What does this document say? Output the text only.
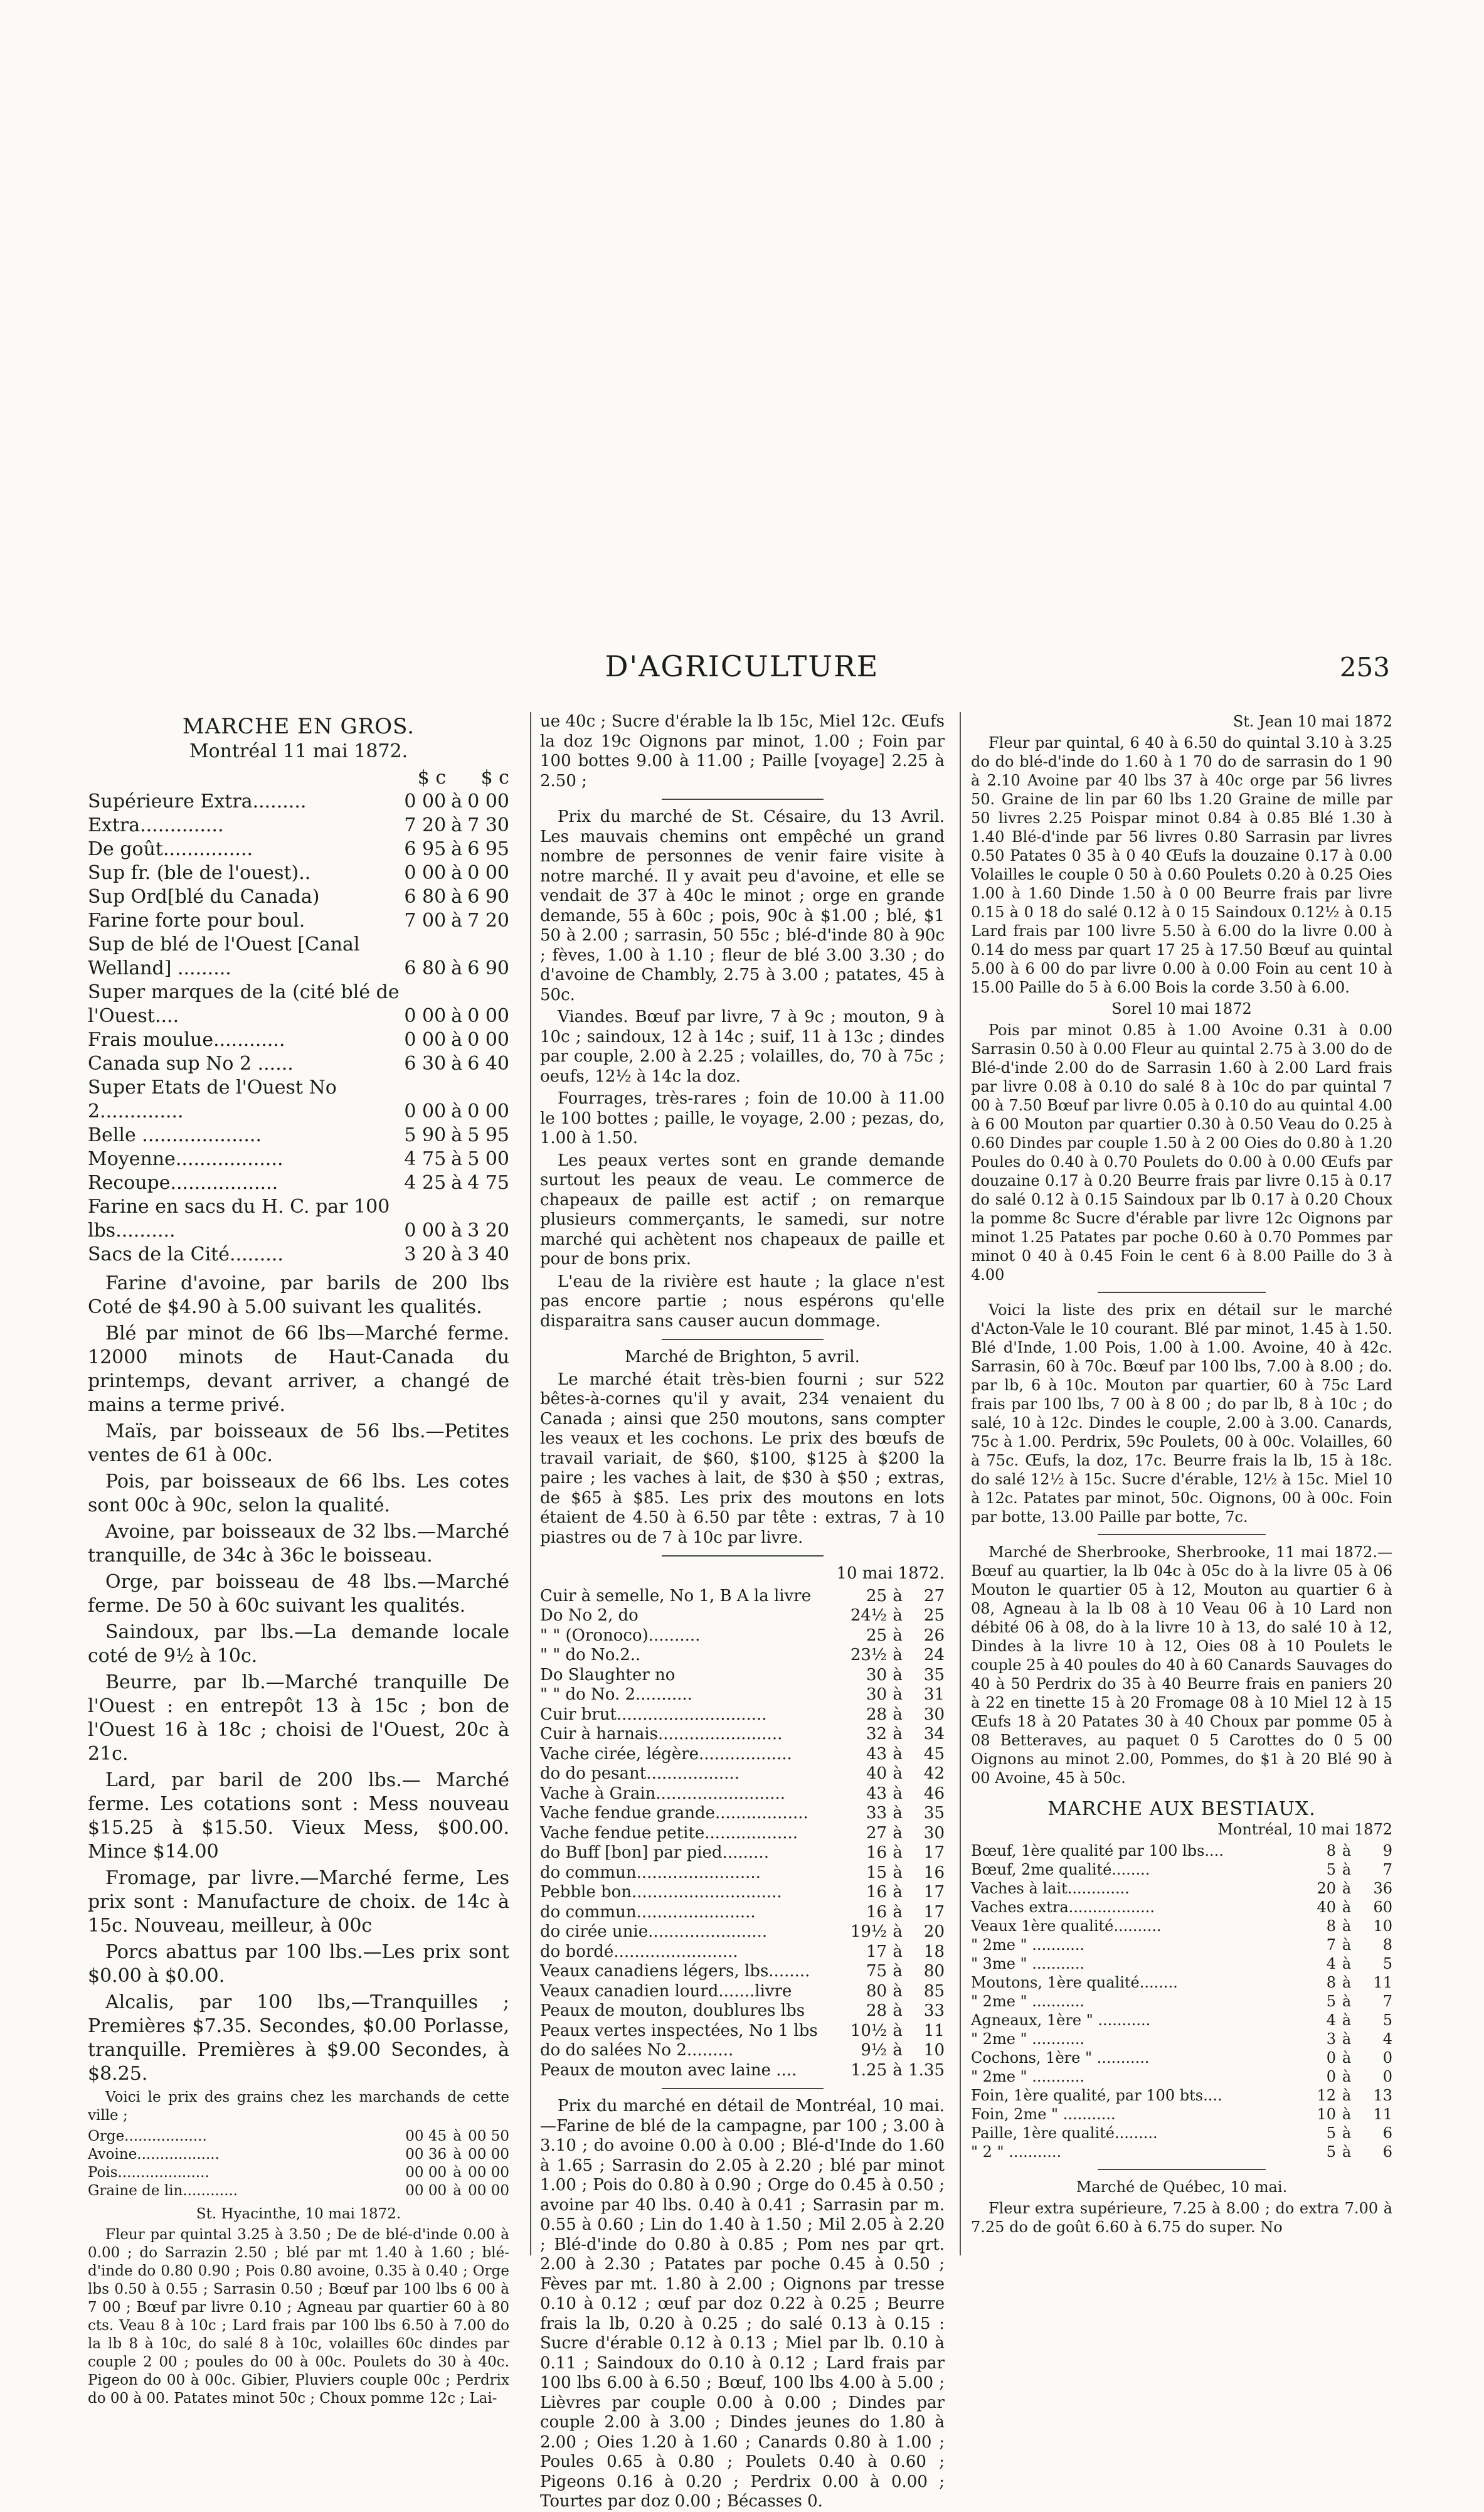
D'AGRICULTURE	253
MARCHE EN GROS.
Montréal 11 mai 1872.
	$ c		$ c
Supérieure Extra.........	0 00	à	0 00
Extra..............	7 20	à	7 30
De goût...............	6 95	à	6 95
Sup fr. (ble de l'ouest)..	0 00	à	0 00
Sup Ord[blé du Canada)	6 80	à	6 90
Farine forte pour boul.	7 00	à	7 20
Sup de blé de l'Ouest [Canal Welland] .........	6 80	à	6 90
Super marques de la (cité blé de l'Ouest....	0 00	à	0 00
Frais moulue............	0 00	à	0 00
Canada sup No 2 ......	6 30	à	6 40
Super Etats de l'Ouest No 2..............	0 00	à	0 00
Belle ....................	5 90	à	5 95
Moyenne..................	4 75	à	5 00
Recoupe..................	4 25	à	4 75
Farine en sacs du H. C. par 100 lbs..........	0 00	à	3 20
Sacs de la Cité.........	3 20	à	3 40
Farine d'avoine, par barils de 200 lbs Coté de $4.90 à 5.00 suivant les qualités.
Blé par minot de 66 lbs—Marché ferme. 12000 minots de Haut-Canada du printemps, devant arriver, a changé de mains a terme privé.
Maïs, par boisseaux de 56 lbs.—Petites ventes de 61 à 00c.
Pois, par boisseaux de 66 lbs. Les cotes sont 00c à 90c, selon la qualité.
Avoine, par boisseaux de 32 lbs.—Marché tranquille, de 34c à 36c le boisseau.
Orge, par boisseau de 48 lbs.—Marché ferme. De 50 à 60c suivant les qualités.
Saindoux, par lbs.—La demande locale coté de 9½ à 10c.
Beurre, par lb.—Marché tranquille De l'Ouest : en entrepôt 13 à 15c ; bon de l'Ouest 16 à 18c ; choisi de l'Ouest, 20c à 21c.
Lard, par baril de 200 lbs.— Marché ferme. Les cotations sont : Mess nouveau $15.25 à $15.50. Vieux Mess, $00.00. Mince $14.00
Fromage, par livre.—Marché ferme, Les prix sont : Manufacture de choix. de 14c à 15c. Nouveau, meilleur, à 00c
Porcs abattus par 100 lbs.—Les prix sont $0.00 à $0.00.
Alcalis, par 100 lbs,—Tranquilles ; Premières $7.35. Secondes, $0.00 Porlasse, tranquille. Premières à $9.00 Secondes, à $8.25.
Voici le prix des grains chez les marchands de cette ville ;
Orge..................	00 45	à	00 50
Avoine..................	00 36	à	00 00
Pois....................	00 00	à	00 00
Graine de lin............	00 00	à	00 00
St. Hyacinthe, 10 mai 1872.
Fleur par quintal 3.25 à 3.50 ; De de blé-d'inde 0.00 à 0.00 ; do Sarrazin 2.50 ; blé par mt 1.40 à 1.60 ; blé-d'inde do 0.80 0.90 ; Pois 0.80 avoine, 0.35 à 0.40 ; Orge lbs 0.50 à 0.55 ; Sarrasin 0.50 ; Bœuf par 100 lbs 6 00 à 7 00 ; Bœuf par livre 0.10 ; Agneau par quartier 60 à 80 cts. Veau 8 à 10c ; Lard frais par 100 lbs 6.50 à 7.00 do la lb 8 à 10c, do salé 8 à 10c, volailles 60c dindes par couple 2 00 ; poules do 00 à 00c. Poulets do 30 à 40c. Pigeon do 00 à 00c. Gibier, Pluviers couple 00c ; Perdrix do 00 à 00. Patates minot 50c ; Choux pomme 12c ; Lai-
ue 40c ; Sucre d'érable la lb 15c, Miel 12c. Œufs la doz 19c Oignons par minot, 1.00 ; Foin par 100 bottes 9.00 à 11.00 ; Paille [voyage] 2.25 à 2.50 ;
Prix du marché de St. Césaire, du 13 Avril. Les mauvais chemins ont empêché un grand nombre de personnes de venir faire visite à notre marché. Il y avait peu d'avoine, et elle se vendait de 37 à 40c le minot ; orge en grande demande, 55 à 60c ; pois, 90c à $1.00 ; blé, $1 50 à 2.00 ; sarrasin, 50 55c ; blé-d'inde 80 à 90c ; fèves, 1.00 à 1.10 ; fleur de blé 3.00 3.30 ; do d'avoine de Chambly, 2.75 à 3.00 ; patates, 45 à 50c.
Viandes. Bœuf par livre, 7 à 9c ; mouton, 9 à 10c ; saindoux, 12 à 14c ; suif, 11 à 13c ; dindes par couple, 2.00 à 2.25 ; volailles, do, 70 à 75c ; oeufs, 12½ à 14c la doz.
Fourrages, très-rares ; foin de 10.00 à 11.00 le 100 bottes ; paille, le voyage, 2.00 ; pezas, do, 1.00 à 1.50.
Les peaux vertes sont en grande demande surtout les peaux de veau. Le commerce de chapeaux de paille est actif ; on remarque plusieurs commerçants, le samedi, sur notre marché qui achètent nos chapeaux de paille et pour de bons prix.
L'eau de la rivière est haute ; la glace n'est pas encore partie ; nous espérons qu'elle disparaitra sans causer aucun dommage.
Marché de Brighton, 5 avril.
Le marché était très-bien fourni ; sur 522 bêtes-à-cornes qu'il y avait, 234 venaient du Canada ; ainsi que 250 moutons, sans compter les veaux et les cochons. Le prix des bœufs de travail variait, de $60, $100, $125 à $200 la paire ; les vaches à lait, de $30 à $50 ; extras, de $65 à $85. Les prix des moutons en lots étaient de 4.50 à 6.50 par tête : extras, 7 à 10 piastres ou de 7 à 10c par livre.
10 mai 1872.
Cuir à semelle, No 1, B A la livre	25	à	27
Do No 2, do	24½	à	25
" " (Oronoco)..........	25	à	26
" " do No.2..	23½	à	24
Do Slaughter no	30	à	35
" " do No. 2...........	30	à	31
Cuir brut.............................	28	à	30
Cuir à harnais........................	32	à	34
Vache cirée, légère..................	43	à	45
do do pesant..................	40	à	42
Vache à Grain.........................	43	à	46
Vache fendue grande..................	33	à	35
Vache fendue petite..................	27	à	30
do Buff [bon] par pied.........	16	à	17
do commun........................	15	à	16
Pebble bon.............................	16	à	17
do commun.......................	16	à	17
do cirée unie.......................	19½	à	20
do bordé........................	17	à	18
Veaux canadiens légers, lbs........	75	à	80
Veaux canadien lourd.......livre	80	à	85
Peaux de mouton, doublures lbs	28	à	33
Peaux vertes inspectées, No 1 lbs	10½	à	11
do do salées No 2.........	9½	à	10
Peaux de mouton avec laine ....	1.25	à	1.35
Prix du marché en détail de Montréal, 10 mai.—Farine de blé de la campagne, par 100 ; 3.00 à 3.10 ; do avoine 0.00 à 0.00 ; Blé-d'Inde do 1.60 à 1.65 ; Sarrasin do 2.05 à 2.20 ; blé par minot 1.00 ; Pois do 0.80 à 0.90 ; Orge do 0.45 à 0.50 ; avoine par 40 lbs. 0.40 à 0.41 ; Sarrasin par m. 0.55 à 0.60 ; Lin do 1.40 à 1.50 ; Mil 2.05 à 2.20 ; Blé-d'inde do 0.80 à 0.85 ; Pom nes par qrt. 2.00 à 2.30 ; Patates par poche 0.45 à 0.50 ; Fèves par mt. 1.80 à 2.00 ; Oignons par tresse 0.10 à 0.12 ; œuf par doz 0.22 à 0.25 ; Beurre frais la lb, 0.20 à 0.25 ; do salé 0.13 à 0.15 : Sucre d'érable 0.12 à 0.13 ; Miel par lb. 0.10 à 0.11 ; Saindoux do 0.10 à 0.12 ; Lard frais par 100 lbs 6.00 à 6.50 ; Bœuf, 100 lbs 4.00 à 5.00 ; Lièvres par couple 0.00 à 0.00 ; Dindes par couple 2.00 à 3.00 ; Dindes jeunes do 1.80 à 2.00 ; Oies 1.20 à 1.60 ; Canards 0.80 à 1.00 ; Poules 0.65 à 0.80 ; Poulets 0.40 à 0.60 ; Pigeons 0.16 à 0.20 ; Perdrix 0.00 à 0.00 ; Tourtes par doz 0.00 ; Bécasses 0.
St. Jean 10 mai 1872
Fleur par quintal, 6 40 à 6.50 do quintal 3.10 à 3.25 do do blé-d'inde do 1.60 à 1 70 do de sarrasin do 1 90 à 2.10 Avoine par 40 lbs 37 à 40c orge par 56 livres 50. Graine de lin par 60 lbs 1.20 Graine de mille par 50 livres 2.25 Poispar minot 0.84 à 0.85 Blé 1.30 à 1.40 Blé-d'inde par 56 livres 0.80 Sarrasin par livres 0.50 Patates 0 35 à 0 40 Œufs la douzaine 0.17 à 0.00 Volailles le couple 0 50 à 0.60 Poulets 0.20 à 0.25 Oies 1.00 à 1.60 Dinde 1.50 à 0 00 Beurre frais par livre 0.15 à 0 18 do salé 0.12 à 0 15 Saindoux 0.12½ à 0.15 Lard frais par 100 livre 5.50 à 6.00 do la livre 0.00 à 0.14 do mess par quart 17 25 à 17.50 Bœuf au quintal 5.00 à 6 00 do par livre 0.00 à 0.00 Foin au cent 10 à 15.00 Paille do 5 à 6.00 Bois la corde 3.50 à 6.00.
Sorel 10 mai 1872
Pois par minot 0.85 à 1.00 Avoine 0.31 à 0.00 Sarrasin 0.50 à 0.00 Fleur au quintal 2.75 à 3.00 do de Blé-d'inde 2.00 do de Sarrasin 1.60 à 2.00 Lard frais par livre 0.08 à 0.10 do salé 8 à 10c do par quintal 7 00 à 7.50 Bœuf par livre 0.05 à 0.10 do au quintal 4.00 à 6 00 Mouton par quartier 0.30 à 0.50 Veau do 0.25 à 0.60 Dindes par couple 1.50 à 2 00 Oies do 0.80 à 1.20 Poules do 0.40 à 0.70 Poulets do 0.00 à 0.00 Œufs par douzaine 0.17 à 0.20 Beurre frais par livre 0.15 à 0.17 do salé 0.12 à 0.15 Saindoux par lb 0.17 à 0.20 Choux la pomme 8c Sucre d'érable par livre 12c Oignons par minot 1.25 Patates par poche 0.60 à 0.70 Pommes par minot 0 40 à 0.45 Foin le cent 6 à 8.00 Paille do 3 à 4.00
Voici la liste des prix en détail sur le marché d'Acton-Vale le 10 courant. Blé par minot, 1.45 à 1.50. Blé d'Inde, 1.00 Pois, 1.00 à 1.00. Avoine, 40 à 42c. Sarrasin, 60 à 70c. Bœuf par 100 lbs, 7.00 à 8.00 ; do. par lb, 6 à 10c. Mouton par quartier, 60 à 75c Lard frais par 100 lbs, 7 00 à 8 00 ; do par lb, 8 à 10c ; do salé, 10 à 12c. Dindes le couple, 2.00 à 3.00. Canards, 75c à 1.00. Perdrix, 59c Poulets, 00 à 00c. Volailles, 60 à 75c. Œufs, la doz, 17c. Beurre frais la lb, 15 à 18c. do salé 12½ à 15c. Sucre d'érable, 12½ à 15c. Miel 10 à 12c. Patates par minot, 50c. Oignons, 00 à 00c. Foin par botte, 13.00 Paille par botte, 7c.
Marché de Sherbrooke, Sherbrooke, 11 mai 1872.— Bœuf au quartier, la lb 04c à 05c do à la livre 05 à 06 Mouton le quartier 05 à 12, Mouton au quartier 6 à 08, Agneau à la lb 08 à 10 Veau 06 à 10 Lard non débité 06 à 08, do à la livre 10 à 13, do salé 10 à 12, Dindes à la livre 10 à 12, Oies 08 à 10 Poulets le couple 25 à 40 poules do 40 à 60 Canards Sauvages do 40 à 50 Perdrix do 35 à 40 Beurre frais en paniers 20 à 22 en tinette 15 à 20 Fromage 08 à 10 Miel 12 à 15 Œufs 18 à 20 Patates 30 à 40 Choux par pomme 05 à 08 Betteraves, au paquet 0 5 Carottes do 0 5 00 Oignons au minot 2.00, Pommes, do $1 à 20 Blé 90 à 00 Avoine, 45 à 50c.
MARCHE AUX BESTIAUX.
Montréal, 10 mai 1872
Bœuf, 1ère qualité par 100 lbs....	8	à	9
Bœuf, 2me qualité........	5	à	7
Vaches à lait.............	20	à	36
Vaches extra..................	40	à	60
Veaux 1ère qualité..........	8	à	10
" 2me " ...........	7	à	8
" 3me " ...........	4	à	5
Moutons, 1ère qualité........	8	à	11
" 2me " ...........	5	à	7
Agneaux, 1ère " ...........	4	à	5
" 2me " ...........	3	à	4
Cochons, 1ère " ...........	0	à	0
" 2me " ...........	0	à	0
Foin, 1ère qualité, par 100 bts....	12	à	13
Foin, 2me " ...........	10	à	11
Paille, 1ère qualité.........	5	à	6
" 2 " ...........	5	à	6
Marché de Québec, 10 mai.
Fleur extra supérieure, 7.25 à 8.00 ; do extra 7.00 à 7.25 do de goût 6.60 à 6.75 do super. No
